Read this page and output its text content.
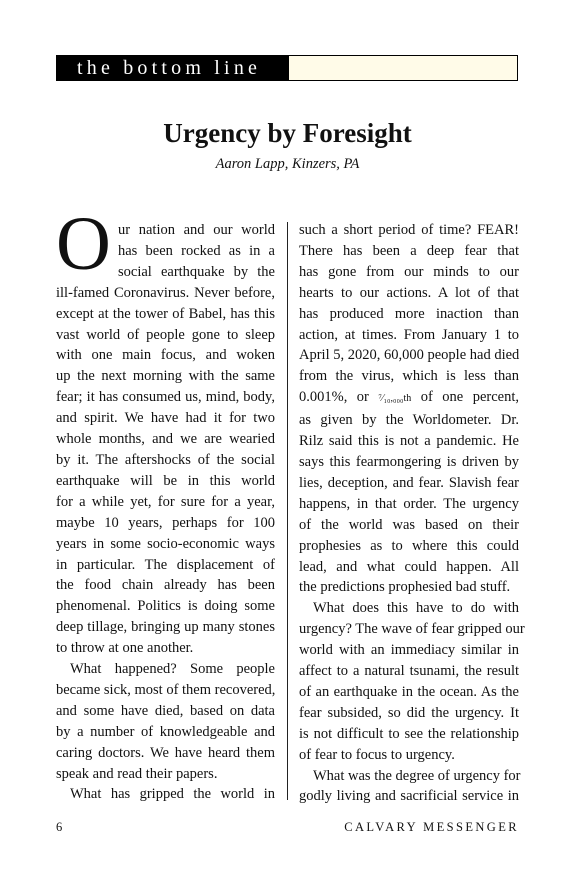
the bottom line
Urgency by Foresight
Aaron Lapp, Kinzers, PA
O ur nation and our world
has been rocked as in a
social earthquake by the
ill-famed Coronavirus. Never before,
except at the tower of Babel, has this
vast world of people gone to sleep
with one main focus, and woken
up the next morning with the same
fear; it has consumed us, mind, body,
and spirit. We have had it for two
whole months, and we are wearied
by it. The aftershocks of the social
earthquake will be in this world
for a while yet, for sure for a year,
maybe 10 years, perhaps for 100
years in some socio-economic ways
in particular. The displacement of
the food chain already has been
phenomenal. Politics is doing some
deep tillage, bringing up many stones
to throw at one another.
What happened? Some people
became sick, most of them recovered,
and some have died, based on data
by a number of knowledgeable and
caring doctors. We have heard them
speak and read their papers.
What has gripped the world in
such a short period of time? FEAR!
There has been a deep fear that
has gone from our minds to our
hearts to our actions. A lot of that
has produced more inaction than
action, at times. From January 1 to
April 5, 2020, 60,000 people had died
from the virus, which is less than
0.001%, or ⁷⁄₁₀,₀₀₀th of one percent,
as given by the Worldometer. Dr.
Rilz said this is not a pandemic. He
says this fearmongering is driven by
lies, deception, and fear. Slavish fear
happens, in that order. The urgency
of the world was based on their
prophesies as to where this could
lead, and what could happen. All
the predictions prophesied bad stuff.
What does this have to do with
urgency? The wave of fear gripped our
world with an immediacy similar in
affect to a natural tsunami, the result
of an earthquake in the ocean. As the
fear subsided, so did the urgency. It
is not difficult to see the relationship
of fear to focus to urgency.
What was the degree of urgency for
godly living and sacrificial service in
6	CALVARY MESSENGER
